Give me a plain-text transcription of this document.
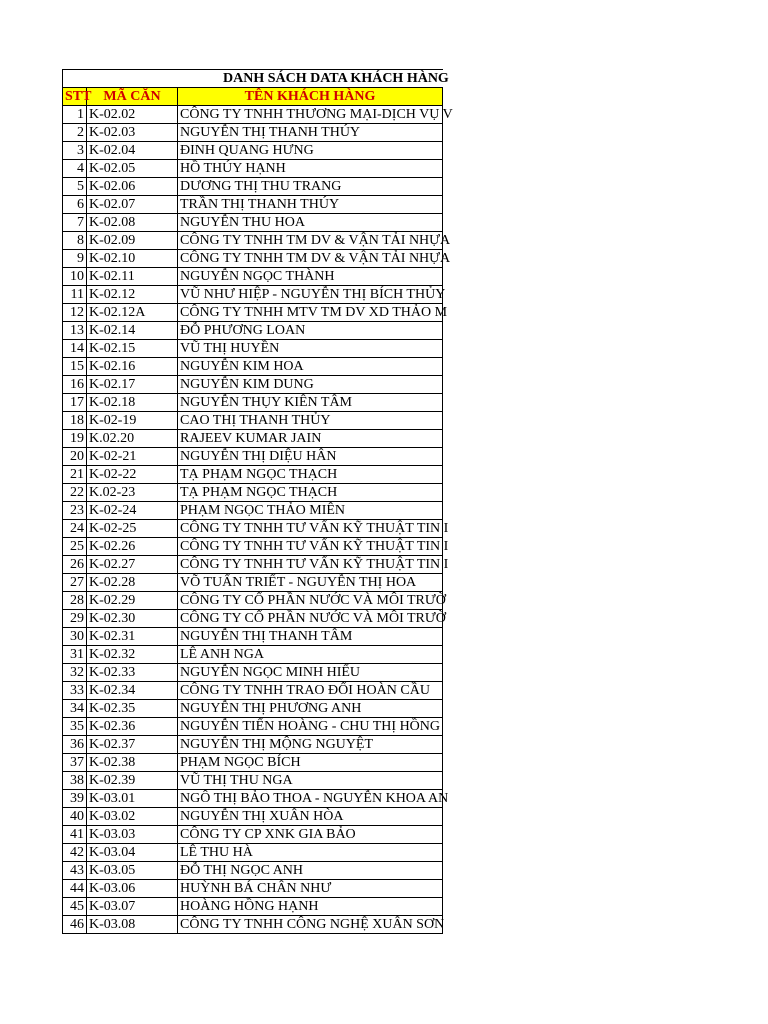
DANH SÁCH DATA KHÁCH HÀNG		
STT	MÃ CĂN	TÊN KHÁCH HÀNG
1	K-02.02	CÔNG TY TNHH THƯƠNG MẠI-DỊCH VỤ V
2	K-02.03	NGUYỄN THỊ THANH THÚY
3	K-02.04	ĐINH QUANG HƯNG
4	K-02.05	HỒ THÚY HẠNH
5	K-02.06	DƯƠNG THỊ THU TRANG
6	K-02.07	TRẦN THỊ THANH THÚY
7	K-02.08	NGUYỄN THU HOA
8	K-02.09	CÔNG TY TNHH TM DV & VẬN TẢI NHỰA
9	K-02.10	CÔNG TY TNHH TM DV & VẬN TẢI NHỰA
10	K-02.11	NGUYỄN NGỌC THÀNH
11	K-02.12	VŨ NHƯ HIỆP - NGUYỄN THỊ BÍCH THỦY
12	K-02.12A	CÔNG TY TNHH MTV TM DV XD THẢO M
13	K-02.14	ĐỖ PHƯƠNG LOAN
14	K-02.15	VŨ THỊ HUYỀN
15	K-02.16	NGUYỄN KIM HOA
16	K-02.17	NGUYỄN KIM DUNG
17	K-02.18	NGUYỄN THỤY KIÊN TÂM
18	K-02-19	CAO THỊ THANH THỦY
19	K.02.20	RAJEEV KUMAR JAIN
20	K-02-21	NGUYỄN THỊ DIỆU HÂN
21	K-02-22	TẠ PHẠM NGỌC THẠCH
22	K.02-23	TẠ PHẠM NGỌC THẠCH
23	K-02-24	PHẠM NGỌC THẢO MIÊN
24	K-02-25	CÔNG TY TNHH TƯ VẤN KỸ THUẬT TIN I
25	K-02.26	CÔNG TY TNHH TƯ VẤN KỸ THUẬT TIN I
26	K-02.27	CÔNG TY TNHH TƯ VẤN KỸ THUẬT TIN I
27	K-02.28	VÕ TUẤN TRIẾT - NGUYỄN THỊ HOA
28	K-02.29	CÔNG TY CỔ PHẦN NƯỚC VÀ MÔI TRƯỜ
29	K-02.30	CÔNG TY CỔ PHẦN NƯỚC VÀ MÔI TRƯỜ
30	K-02.31	NGUYỄN THỊ THANH TÂM
31	K-02.32	LÊ ANH NGA
32	K-02.33	NGUYỄN NGỌC MINH HIẾU
33	K-02.34	CÔNG TY TNHH TRAO ĐỔI HOÀN CẦU
34	K-02.35	NGUYỄN THỊ PHƯƠNG ANH
35	K-02.36	NGUYỄN TIẾN HOÀNG - CHU THỊ HỒNG
36	K-02.37	NGUYỄN THỊ MỘNG NGUYỆT
37	K-02.38	PHẠM NGỌC BÍCH
38	K-02.39	VŨ THỊ THU NGA
39	K-03.01	NGÔ THỊ BẢO THOA - NGUYỄN KHOA AN
40	K-03.02	NGUYỄN THỊ XUÂN HÒA
41	K-03.03	CÔNG TY CP XNK GIA BẢO
42	K-03.04	LÊ THU HÀ
43	K-03.05	ĐỖ THỊ NGỌC ANH
44	K-03.06	HUỲNH BÁ CHÂN NHƯ
45	K-03.07	HOÀNG HỒNG HẠNH
46	K-03.08	CÔNG TY TNHH CÔNG NGHỆ XUÂN SƠN
